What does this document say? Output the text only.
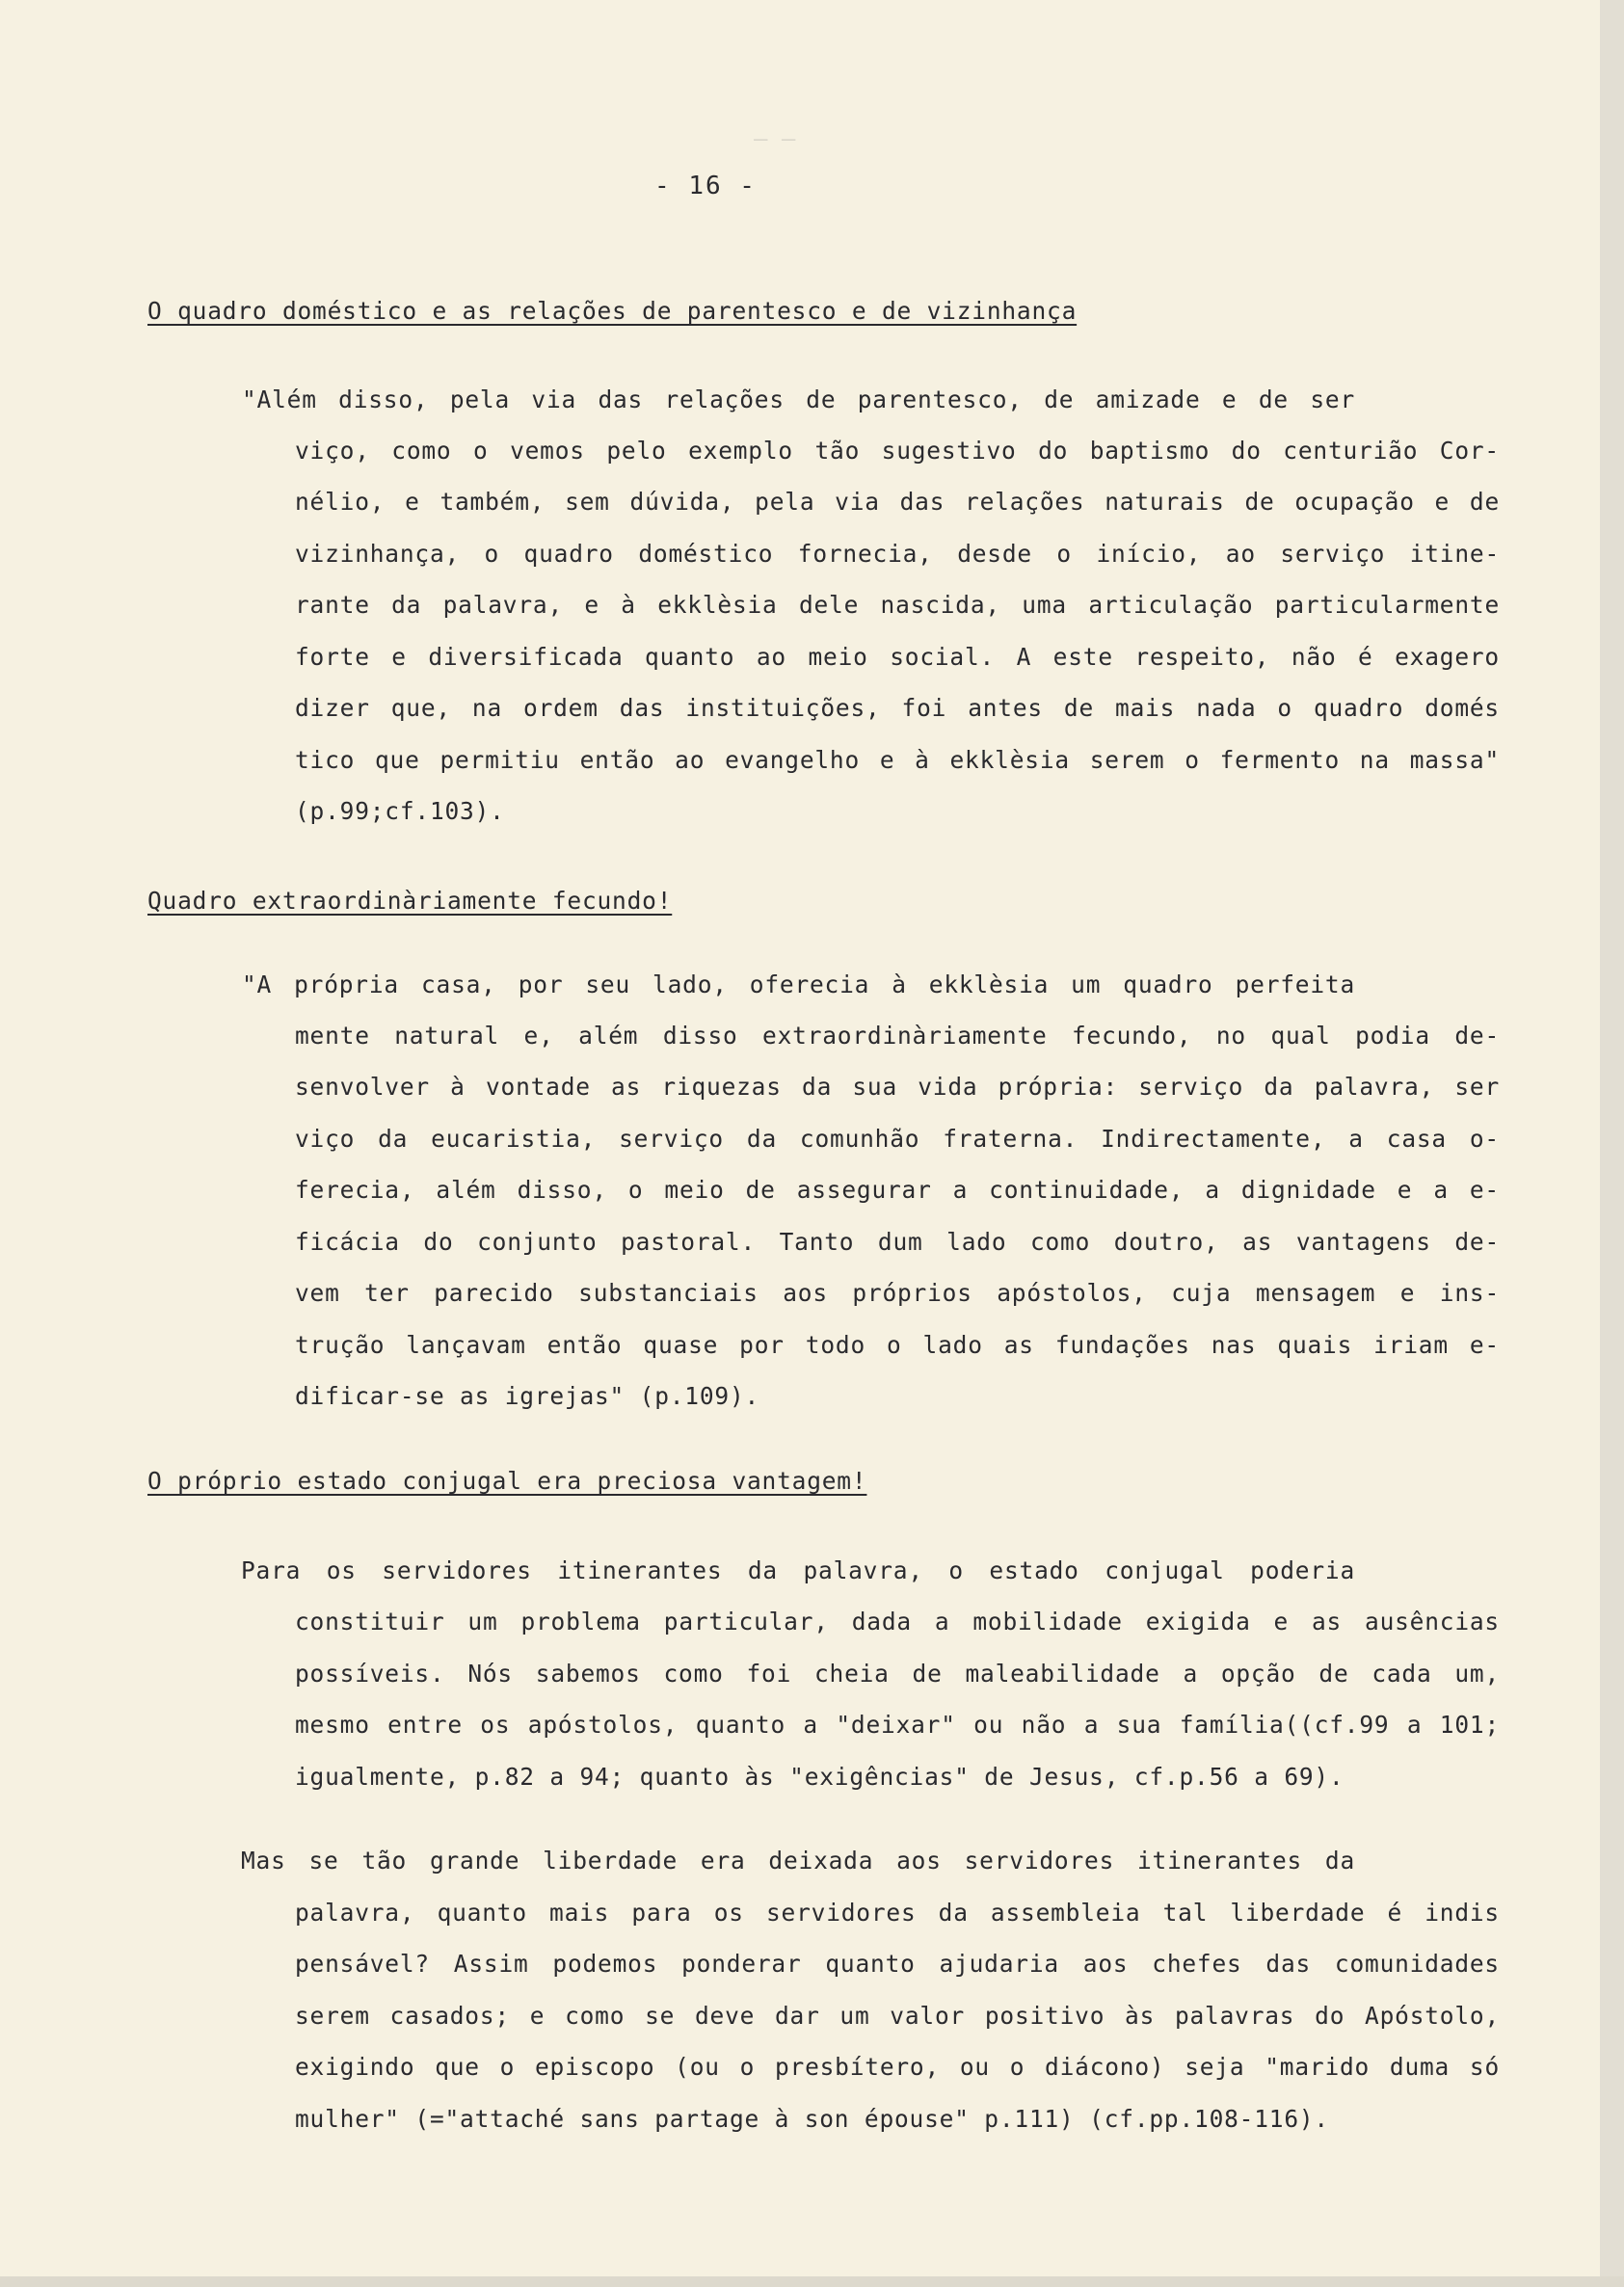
– –
- 16 -
O quadro doméstico e as relações de parentesco e de vizinhança
"Além disso, pela via das relações de parentesco, de amizade e de ser
viço, como o vemos pelo exemplo tão sugestivo do baptismo do centurião Cor-
nélio, e também, sem dúvida, pela via das relações naturais de ocupação e de
vizinhança, o quadro doméstico fornecia, desde o início, ao serviço itine-
rante da palavra, e à ekklèsia dele nascida, uma articulação particularmente
forte e diversificada quanto ao meio social. A este respeito, não é exagero
dizer que, na ordem das instituições, foi antes de mais nada o quadro domés
tico que permitiu então ao evangelho e à ekklèsia serem o fermento na massa"
(p.99;cf.103).
Quadro extraordinàriamente fecundo!
"A própria casa, por seu lado, oferecia à ekklèsia um quadro perfeita
mente natural e, além disso extraordinàriamente fecundo, no qual podia de-
senvolver à vontade as riquezas da sua vida própria: serviço da palavra, ser
viço da eucaristia, serviço da comunhão fraterna. Indirectamente, a casa o-
ferecia, além disso, o meio de assegurar a continuidade, a dignidade e a e-
ficácia do conjunto pastoral. Tanto dum lado como doutro, as vantagens de-
vem ter parecido substanciais aos próprios apóstolos, cuja mensagem e ins-
trução lançavam então quase por todo o lado as fundações nas quais iriam e-
dificar-se as igrejas" (p.109).
O próprio estado conjugal era preciosa vantagem!
Para os servidores itinerantes da palavra, o estado conjugal poderia
constituir um problema particular, dada a mobilidade exigida e as ausências
possíveis. Nós sabemos como foi cheia de maleabilidade a opção de cada um,
mesmo entre os apóstolos, quanto a "deixar" ou não a sua família((cf.99 a 101;
igualmente, p.82 a 94; quanto às "exigências" de Jesus, cf.p.56 a 69).
Mas se tão grande liberdade era deixada aos servidores itinerantes da
palavra, quanto mais para os servidores da assembleia tal liberdade é indis
pensável? Assim podemos ponderar quanto ajudaria aos chefes das comunidades
serem casados; e como se deve dar um valor positivo às palavras do Apóstolo,
exigindo que o episcopo (ou o presbítero, ou o diácono) seja "marido duma só
mulher" (="attaché sans partage à son épouse" p.111) (cf.pp.108-116).
